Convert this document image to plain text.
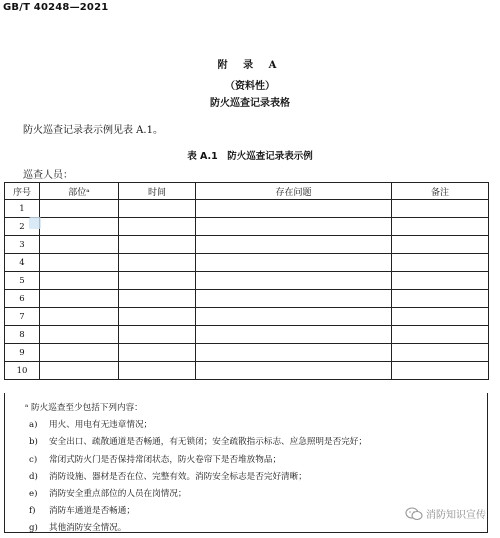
GB/T 40248—2021
附 录 A
（资料性）
防火巡查记录表格
防火巡查记录表示例见表 A.1。
表 A.1　防火巡查记录表示例
巡查人员：
序号	部位ᵃ	时间	存在问题	备注
1				
2				
3				
4				
5				
6				
7				
8				
9				
10				
ᵃ 防火巡查至少包括下列内容：
a)	用火、用电有无违章情况；
b)	安全出口、疏散通道是否畅通，有无锁闭；安全疏散指示标志、应急照明是否完好；
c)	常闭式防火门是否保持常闭状态，防火卷帘下是否堆放物品；
d)	消防设施、器材是否在位、完整有效。消防安全标志是否完好清晰；
e)	消防安全重点部位的人员在岗情况；
f)	消防车通道是否畅通；
g)	其他消防安全情况。
消防知识宣传
